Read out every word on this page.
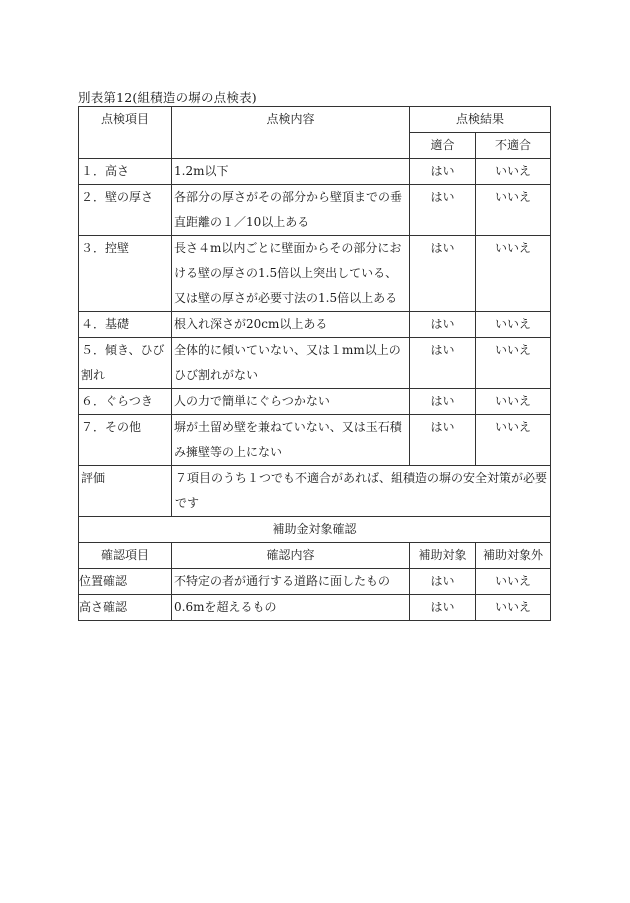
別表第12(組積造の塀の点検表)
点検項目	点検内容	点検結果	
		適合	不適合
１．高さ	1.2m以下	はい	いいえ
２．壁の厚さ	各部分の厚さがその部分から壁頂までの垂直距離の１／10以上ある	はい	いいえ
３．控壁	長さ４m以内ごとに壁面からその部分における壁の厚さの1.5倍以上突出している、又は壁の厚さが必要寸法の1.5倍以上ある	はい	いいえ
４．基礎	根入れ深さが20cm以上ある	はい	いいえ
５．傾き、ひび割れ	全体的に傾いていない、又は１mm以上のひび割れがない	はい	いいえ
６．ぐらつき	人の力で簡単にぐらつかない	はい	いいえ
７．その他	塀が土留め壁を兼ねていない、又は玉石積み擁壁等の上にない	はい	いいえ
評価	７項目のうち１つでも不適合があれば、組積造の塀の安全対策が必要です		
補助金対象確認			
確認項目	確認内容	補助対象	補助対象外
位置確認	不特定の者が通行する道路に面したもの	はい	いいえ
高さ確認	0.6mを超えるもの	はい	いいえ
